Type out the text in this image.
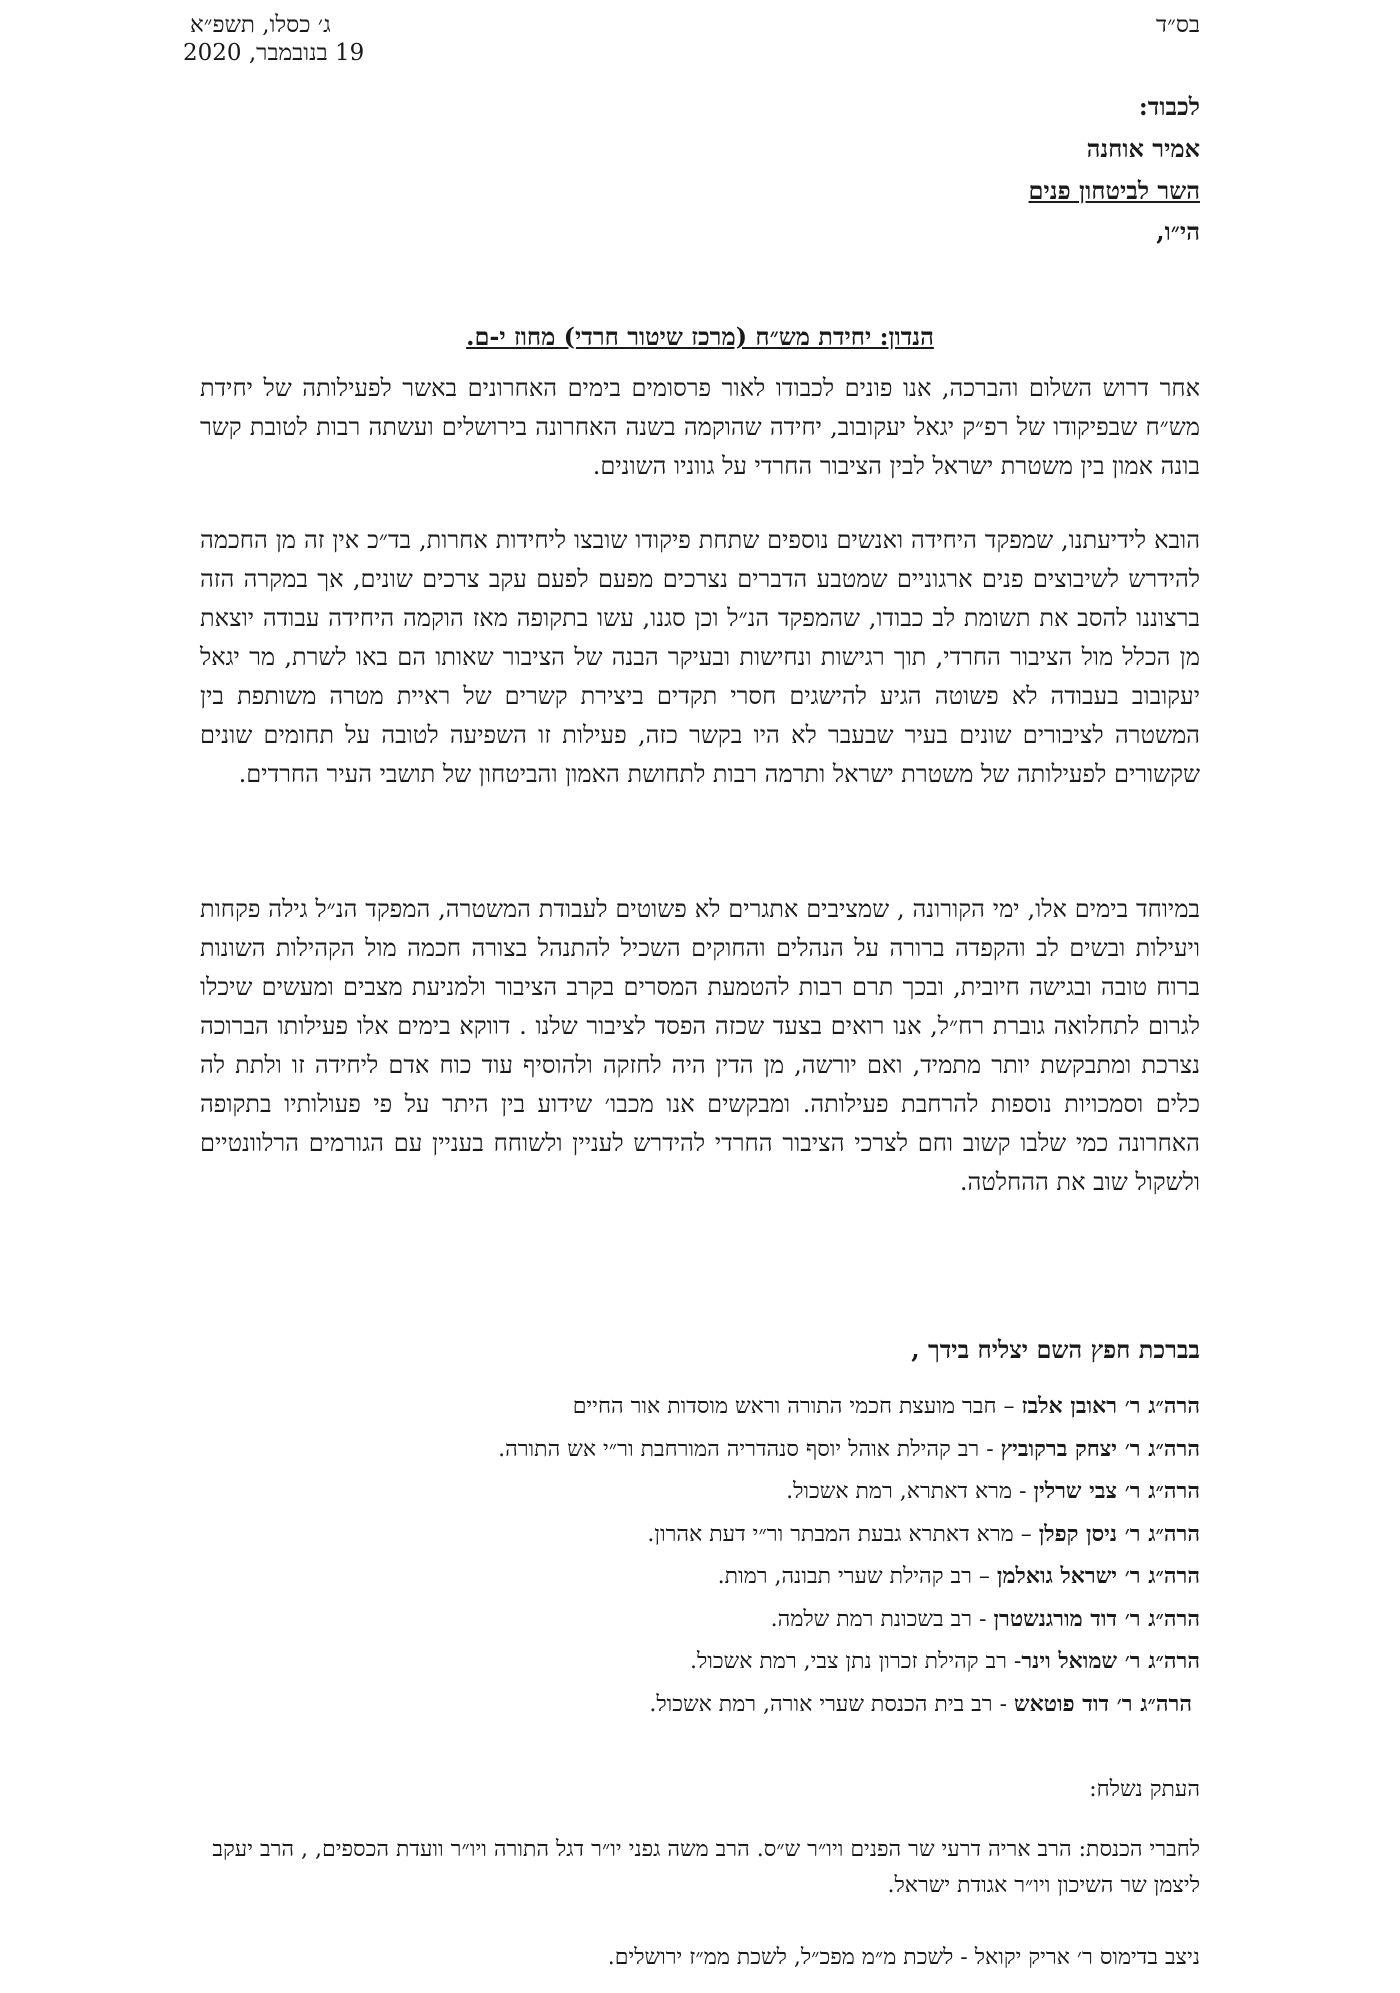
בס״ד
ג׳ כסלו, תשפ״א
19 בנובמבר, 2020
לכבוד:
אמיר אוחנה
השר לביטחון פנים
הי״ו,
הנדון: יחידת מש״ח (מרכז שיטור חרדי) מחוז י-ם.
אחר דרוש השלום והברכה, אנו פונים לכבודו לאור פרסומים בימים האחרונים באשר לפעילותה של יחידת מש״ח שבפיקודו של רפ״ק יגאל יעקובוב, יחידה שהוקמה בשנה האחרונה בירושלים ועשתה רבות לטובת קשר בונה אמון בין משטרת ישראל לבין הציבור החרדי על גווניו השונים.
הובא לידיעתנו, שמפקד היחידה ואנשים נוספים שתחת פיקודו שובצו ליחידות אחרות, בד״כ אין זה מן החכמה להידרש לשיבוצים פנים ארגוניים שמטבע הדברים נצרכים מפעם לפעם עקב צרכים שונים, אך במקרה הזה ברצוננו להסב את תשומת לב כבודו, שהמפקד הנ״ל וכן סגנו, עשו בתקופה מאז הוקמה היחידה עבודה יוצאת מן הכלל מול הציבור החרדי, תוך רגישות ונחישות ובעיקר הבנה של הציבור שאותו הם באו לשרת, מר יגאל יעקובוב בעבודה לא פשוטה הגיע להישגים חסרי תקדים ביצירת קשרים של ראיית מטרה משותפת בין המשטרה לציבורים שונים בעיר שבעבר לא היו בקשר כזה, פעילות זו השפיעה לטובה על תחומים שונים שקשורים לפעילותה של משטרת ישראל ותרמה רבות לתחושת האמון והביטחון של תושבי העיר החרדים.
במיוחד בימים אלו, ימי הקורונה , שמציבים אתגרים לא פשוטים לעבודת המשטרה, המפקד הנ״ל גילה פקחות ויעילות ובשים לב והקפדה ברורה על הנהלים והחוקים השכיל להתנהל בצורה חכמה מול הקהילות השונות ברוח טובה ובגישה חיובית, ובכך תרם רבות להטמעת המסרים בקרב הציבור ולמניעת מצבים ומעשים שיכלו לגרום לתחלואה גוברת רח״ל, אנו רואים בצעד שכזה הפסד לציבור שלנו . דווקא בימים אלו פעילותו הברוכה נצרכת ומתבקשת יותר מתמיד, ואם יורשה, מן הדין היה לחזקה ולהוסיף עוד כוח אדם ליחידה זו ולתת לה כלים וסמכויות נוספות להרחבת פעילותה. ומבקשים אנו מכבו׳ שידוע בין היתר על פי פעולותיו בתקופה האחרונה כמי שלבו קשוב וחם לצרכי הציבור החרדי להידרש לעניין ולשוחח בעניין עם הגורמים הרלוונטיים ולשקול שוב את ההחלטה.
בברכת חפץ השם יצליח בידך ,
הרה״ג ר׳ ראובן אלבז – חבר מועצת חכמי התורה וראש מוסדות אור החיים
הרה״ג ר׳ יצחק ברקוביץ - רב קהילת אוהל יוסף סנהדריה המורחבת ור״י אש התורה.
הרה״ג ר׳ צבי שרלין - מרא דאתרא, רמת אשכול.
הרה״ג ר׳ ניסן קפלן – מרא דאתרא גבעת המבתר ור״י דעת אהרון.
הרה״ג ר׳ ישראל גואלמן – רב קהילת שערי תבונה, רמות.
הרה״ג ר׳ דוד מורגנשטרן - רב בשכונת רמת שלמה.
הרה״ג ר׳ שמואל וינר- רב קהילת זכרון נתן צבי, רמת אשכול.
הרה״ג ר׳ דוד פוטאש - רב בית הכנסת שערי אורה, רמת אשכול.
העתק נשלח:
לחברי הכנסת: הרב אריה דרעי שר הפנים ויו״ר ש״ס. הרב משה גפני יו״ר דגל התורה ויו״ר וועדת הכספים, , הרב יעקב ליצמן שר השיכון ויו״ר אגודת ישראל.
ניצב בדימוס ר׳ אריק יקואל - לשכת מ״מ מפכ״ל, לשכת ממ״ז ירושלים.
